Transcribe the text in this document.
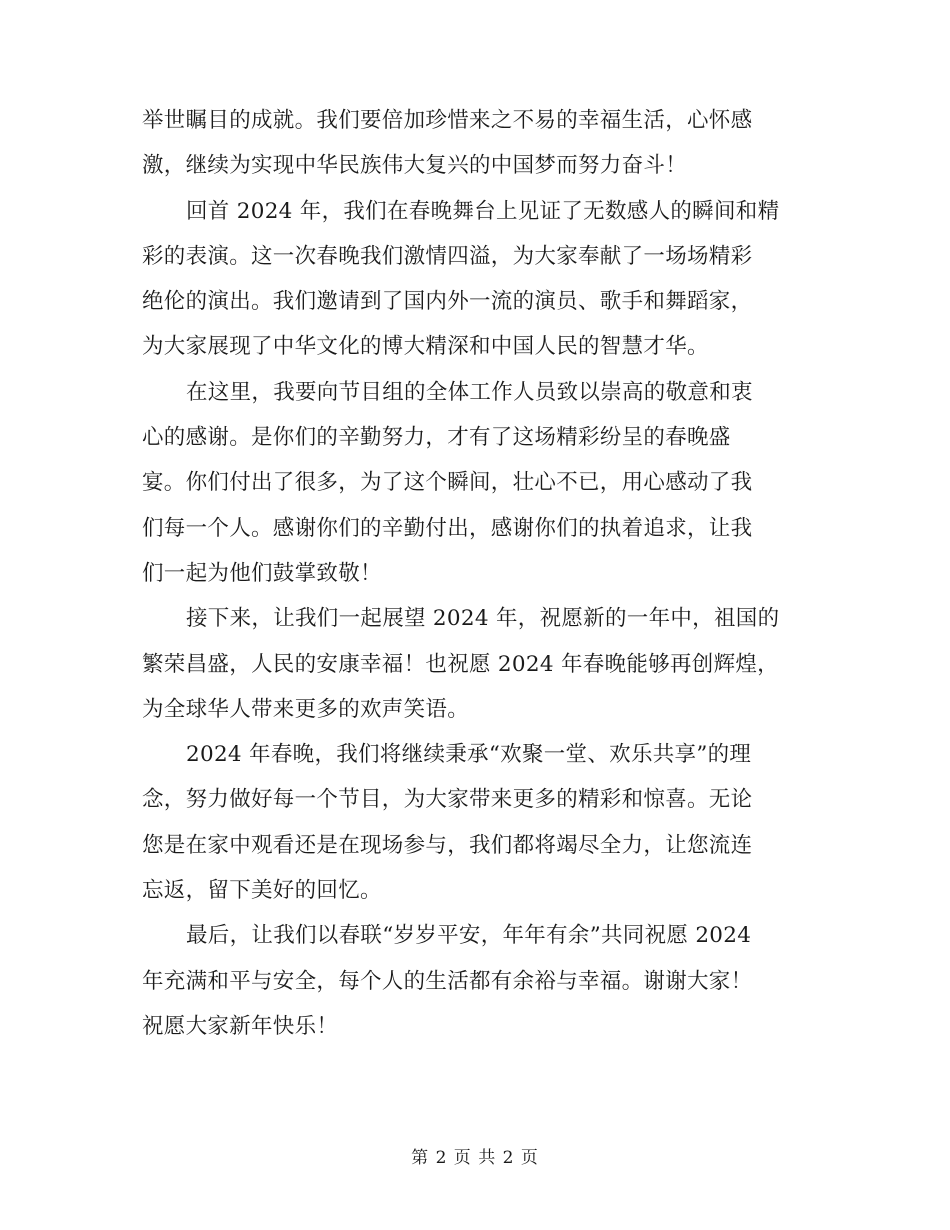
举世瞩目的成就。我们要倍加珍惜来之不易的幸福生活，心怀感
激，继续为实现中华民族伟大复兴的中国梦而努力奋斗！
回首 2024 年，我们在春晚舞台上见证了无数感人的瞬间和精
彩的表演。这一次春晚我们激情四溢，为大家奉献了一场场精彩
绝伦的演出。我们邀请到了国内外一流的演员、歌手和舞蹈家，
为大家展现了中华文化的博大精深和中国人民的智慧才华。
在这里，我要向节目组的全体工作人员致以崇高的敬意和衷
心的感谢。是你们的辛勤努力，才有了这场精彩纷呈的春晚盛
宴。你们付出了很多，为了这个瞬间，壮心不已，用心感动了我
们每一个人。感谢你们的辛勤付出，感谢你们的执着追求，让我
们一起为他们鼓掌致敬！
接下来，让我们一起展望 2024 年，祝愿新的一年中，祖国的
繁荣昌盛，人民的安康幸福！也祝愿 2024 年春晚能够再创辉煌，
为全球华人带来更多的欢声笑语。
2024 年春晚，我们将继续秉承“欢聚一堂、欢乐共享”的理
念，努力做好每一个节目，为大家带来更多的精彩和惊喜。无论
您是在家中观看还是在现场参与，我们都将竭尽全力，让您流连
忘返，留下美好的回忆。
最后，让我们以春联“岁岁平安，年年有余”共同祝愿 2024
年充满和平与安全，每个人的生活都有余裕与幸福。谢谢大家！
祝愿大家新年快乐！
第 2 页 共 2 页
